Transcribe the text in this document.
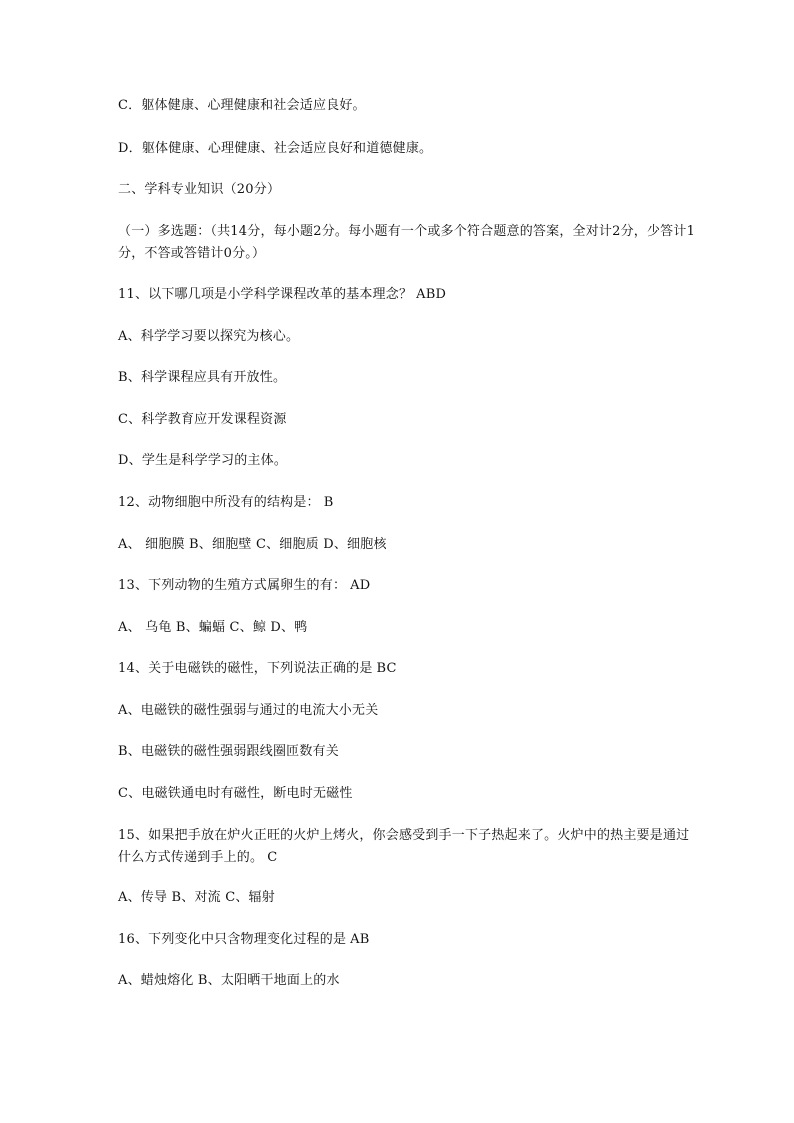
C．躯体健康、心理健康和社会适应良好。
D．躯体健康、心理健康、社会适应良好和道德健康。
二、学科专业知识（20分）
（一）多选题：（共14分，每小题2分。每小题有一个或多个符合题意的答案，全对计2分，少答计1分，不答或答错计0分。）
11、以下哪几项是小学科学课程改革的基本理念？ ABD
A、科学学习要以探究为核心。
B、科学课程应具有开放性。
C、科学教育应开发课程资源
D、学生是科学学习的主体。
12、动物细胞中所没有的结构是： B
A、 细胞膜 B、细胞壁 C、细胞质 D、细胞核
13、下列动物的生殖方式属卵生的有： AD
A、 乌龟 B、蝙蝠 C、鲸 D、鸭
14、关于电磁铁的磁性，下列说法正确的是 BC
A、电磁铁的磁性强弱与通过的电流大小无关
B、电磁铁的磁性强弱跟线圈匝数有关
C、电磁铁通电时有磁性，断电时无磁性
15、如果把手放在炉火正旺的火炉上烤火，你会感受到手一下子热起来了。火炉中的热主要是通过什么方式传递到手上的。 C
A、传导 B、对流 C、辐射
16、下列变化中只含物理变化过程的是 AB
A、蜡烛熔化 B、太阳晒干地面上的水
